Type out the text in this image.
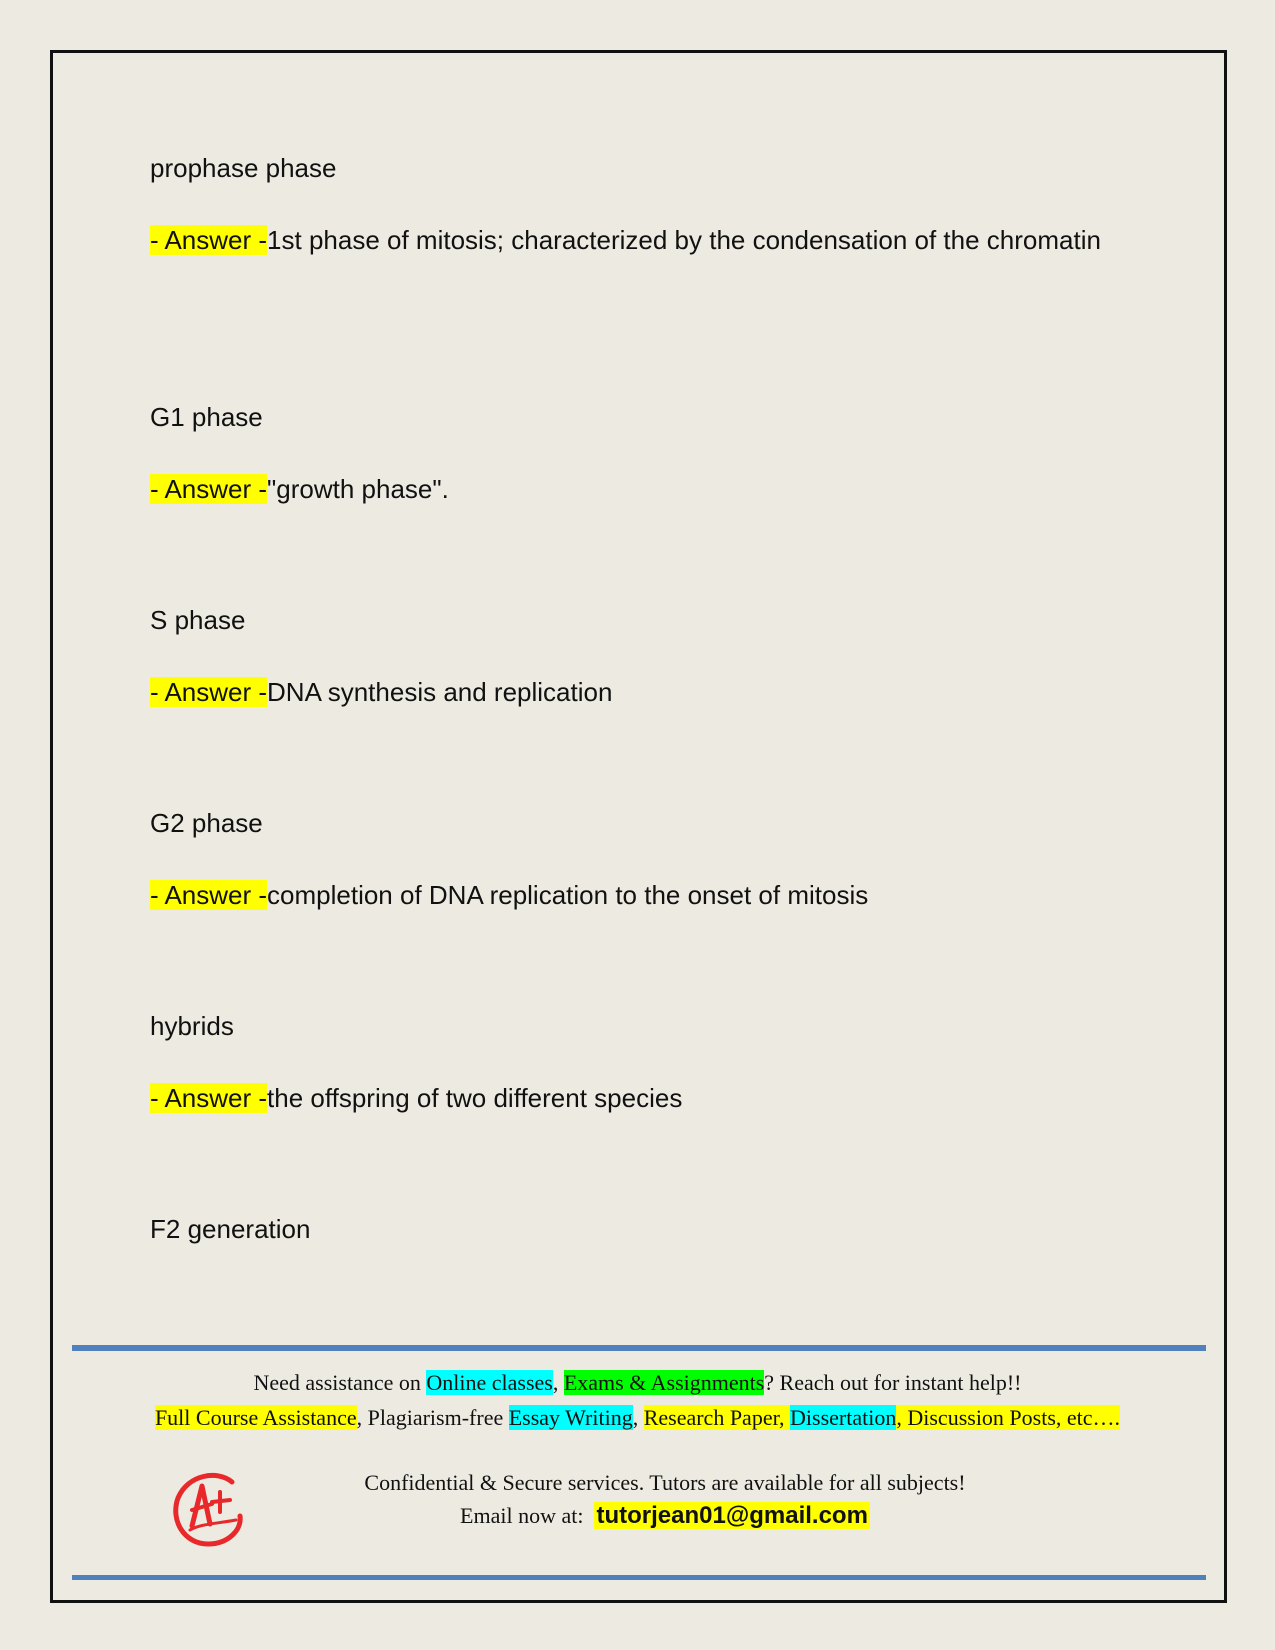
prophase phase
- Answer -1st phase of mitosis; characterized by the condensation of the chromatin
G1 phase
- Answer -"growth phase".
S phase
- Answer -DNA synthesis and replication
G2 phase
- Answer -completion of DNA replication to the onset of mitosis
hybrids
- Answer -the offspring of two different species
F2 generation
Need assistance on Online classes, Exams & Assignments? Reach out for instant help!!
Full Course Assistance, Plagiarism-free Essay Writing, Research Paper, Dissertation, Discussion Posts, etc….
Confidential & Secure services. Tutors are available for all subjects!
Email now at:  tutorjean01@gmail.com
